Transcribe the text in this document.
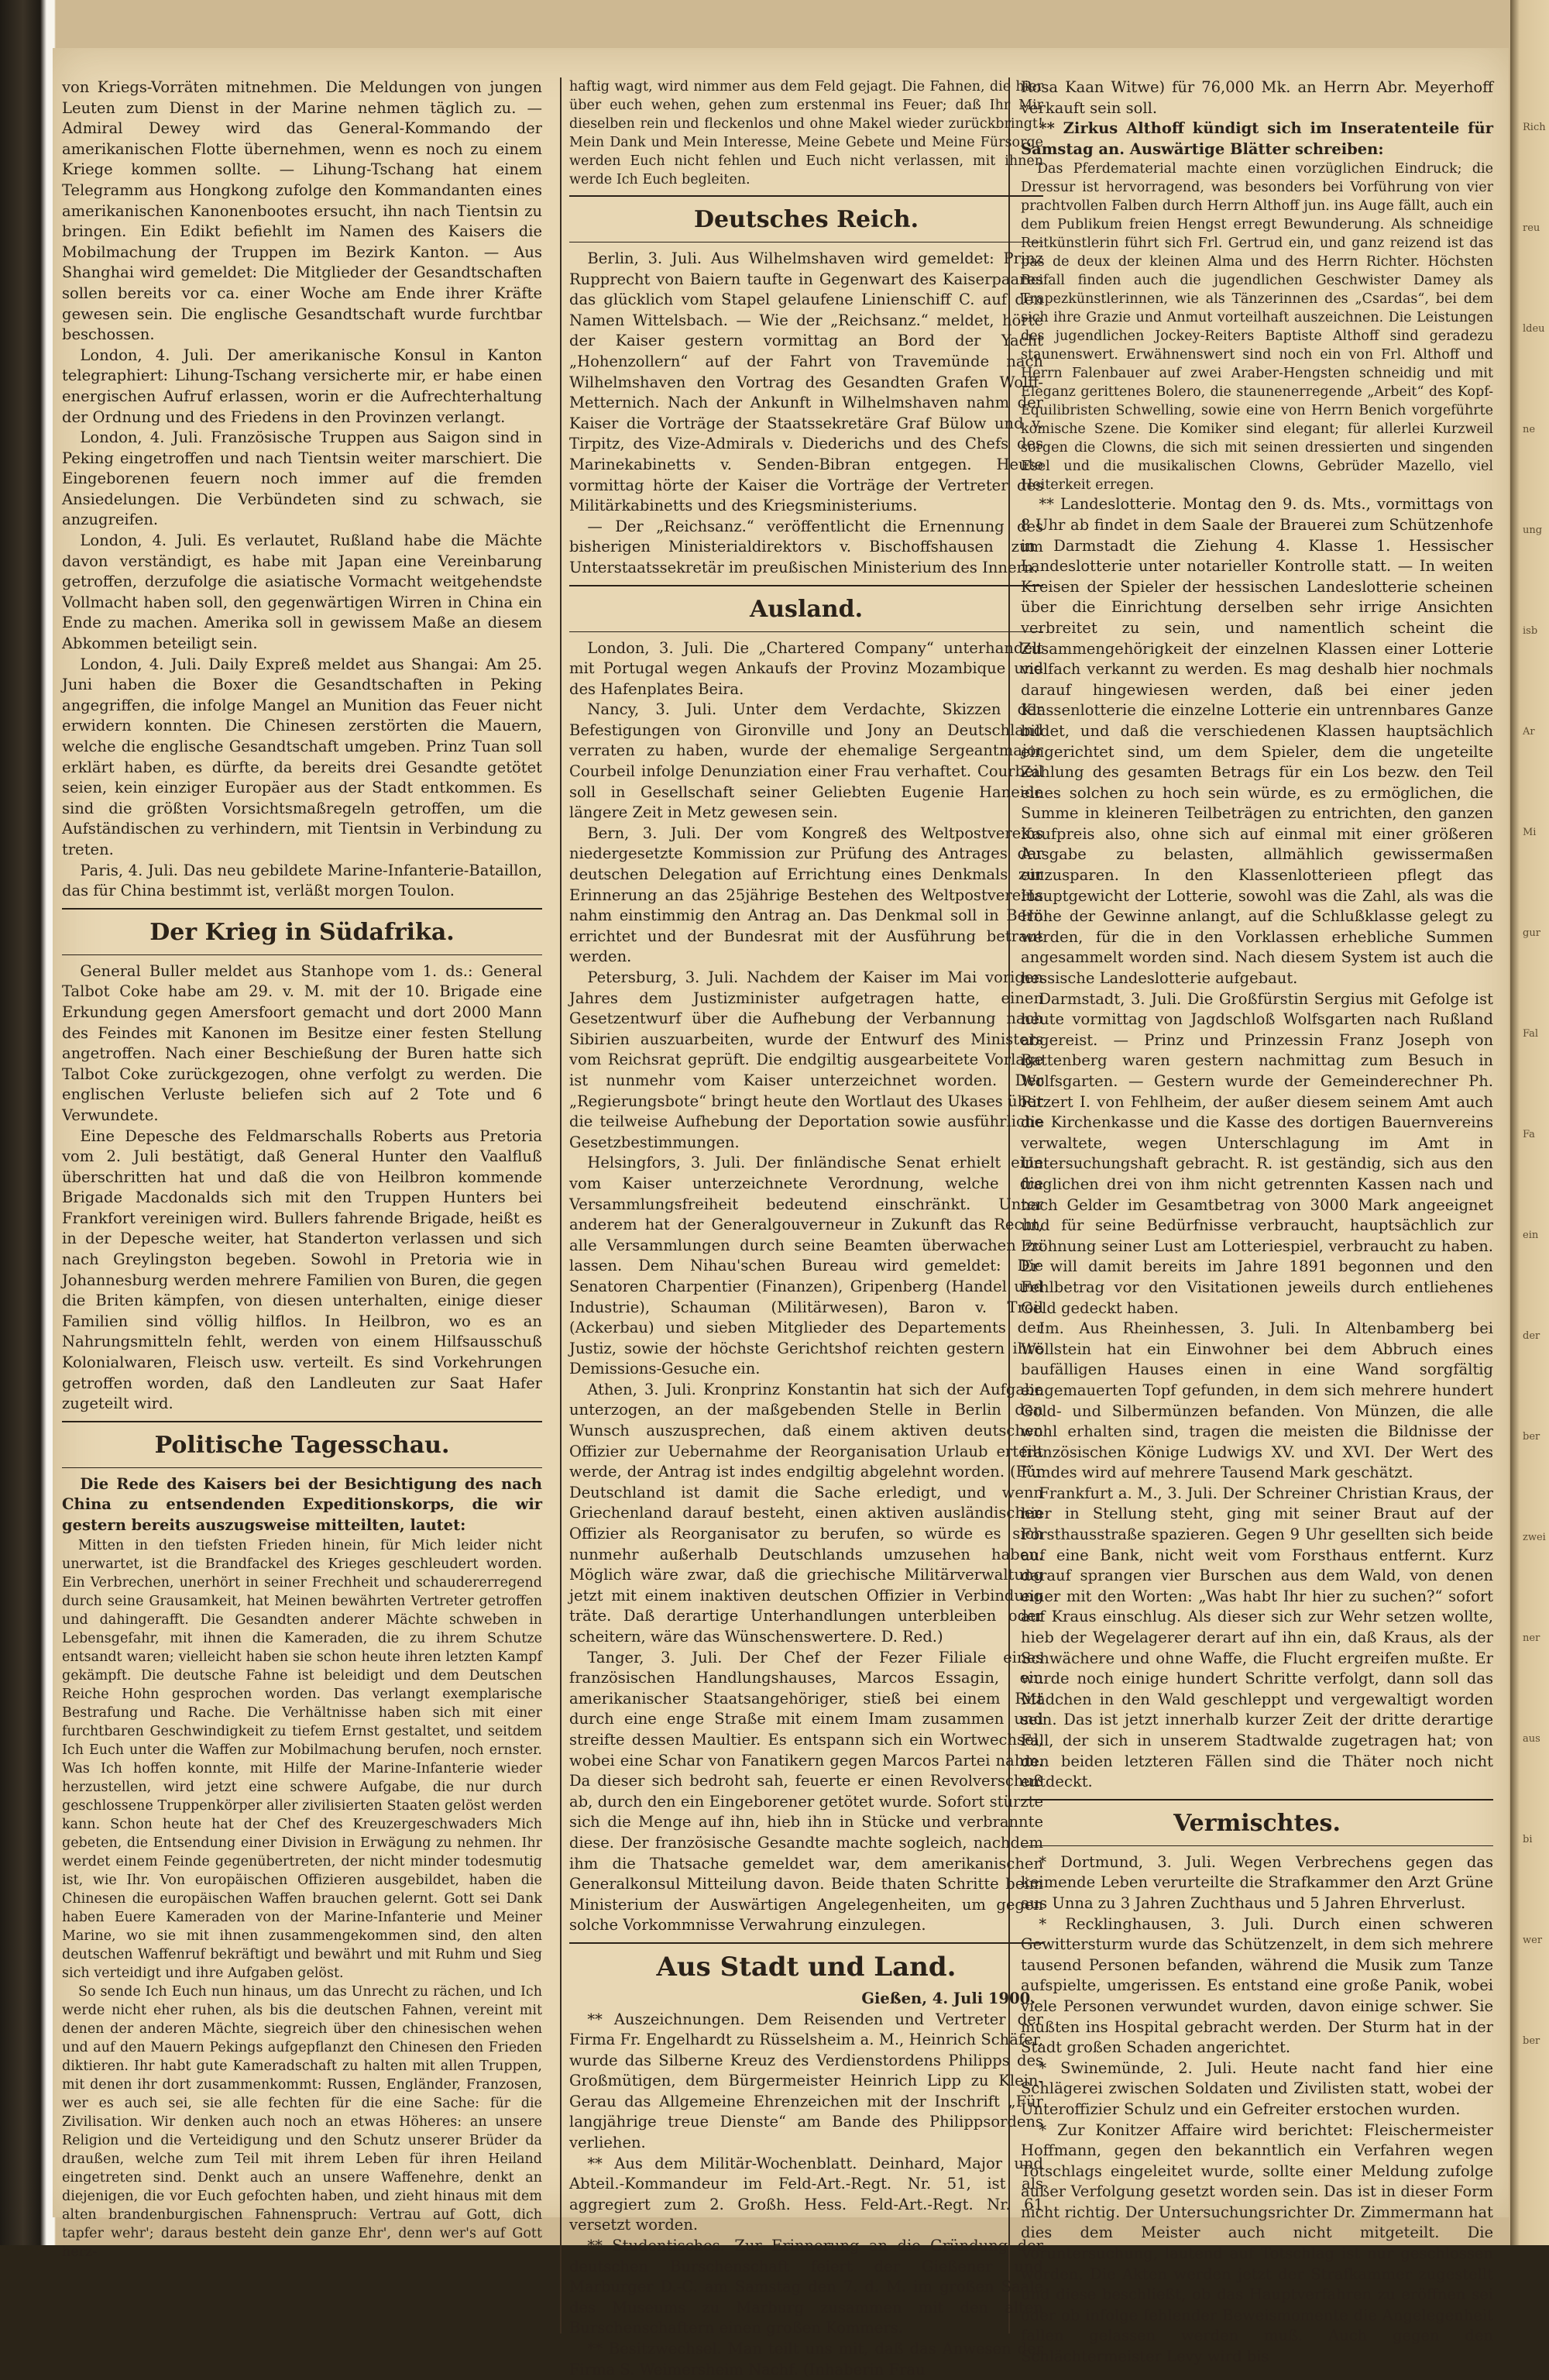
von Kriegs-Vorräten mitnehmen. Die Meldungen von jungen Leuten zum Dienst in der Marine nehmen täglich zu. — Admiral Dewey wird das General-Kommando der amerikanischen Flotte übernehmen, wenn es noch zu einem Kriege kommen sollte. — Lihung-Tschang hat einem Telegramm aus Hongkong zufolge den Kommandanten eines amerikanischen Kanonenbootes ersucht, ihn nach Tientsin zu bringen. Ein Edikt befiehlt im Namen des Kaisers die Mobilmachung der Truppen im Bezirk Kanton. — Aus Shanghai wird gemeldet: Die Mitglieder der Gesandtschaften sollen bereits vor ca. einer Woche am Ende ihrer Kräfte gewesen sein. Die englische Gesandtschaft wurde furchtbar beschossen.

London, 4. Juli. Der amerikanische Konsul in Kanton telegraphiert: Lihung-Tschang versicherte mir, er habe einen energischen Aufruf erlassen, worin er die Aufrechterhaltung der Ordnung und des Friedens in den Provinzen verlangt.

London, 4. Juli. Französische Truppen aus Saigon sind in Peking eingetroffen und nach Tientsin weiter marschiert. Die Eingeborenen feuern noch immer auf die fremden Ansiedelungen. Die Verbündeten sind zu schwach, sie anzugreifen.

London, 4. Juli. Es verlautet, Rußland habe die Mächte davon verständigt, es habe mit Japan eine Vereinbarung getroffen, derzufolge die asiatische Vormacht weitgehendste Vollmacht haben soll, den gegenwärtigen Wirren in China ein Ende zu machen. Amerika soll in gewissem Maße an diesem Abkommen beteiligt sein.

London, 4. Juli. Daily Expreß meldet aus Shangai: Am 25. Juni haben die Boxer die Gesandtschaften in Peking angegriffen, die infolge Mangel an Munition das Feuer nicht erwidern konnten. Die Chinesen zerstörten die Mauern, welche die englische Gesandtschaft umgeben. Prinz Tuan soll erklärt haben, es dürfte, da bereits drei Gesandte getötet seien, kein einziger Europäer aus der Stadt entkommen. Es sind die größten Vorsichtsmaßregeln getroffen, um die Aufständischen zu verhindern, mit Tientsin in Verbindung zu treten.

Paris, 4. Juli. Das neu gebildete Marine-Infanterie-Bataillon, das für China bestimmt ist, verläßt morgen Toulon.

Der Krieg in Südafrika.

General Buller meldet aus Stanhope vom 1. ds.: General Talbot Coke habe am 29. v. M. mit der 10. Brigade eine Erkundung gegen Amersfoort gemacht und dort 2000 Mann des Feindes mit Kanonen im Besitze einer festen Stellung angetroffen. Nach einer Beschießung der Buren hatte sich Talbot Coke zurückgezogen, ohne verfolgt zu werden. Die englischen Verluste beliefen sich auf 2 Tote und 6 Verwundete.

Eine Depesche des Feldmarschalls Roberts aus Pretoria vom 2. Juli bestätigt, daß General Hunter den Vaalfluß überschritten hat und daß die von Heilbron kommende Brigade Macdonalds sich mit den Truppen Hunters bei Frankfort vereinigen wird. Bullers fahrende Brigade, heißt es in der Depesche weiter, hat Standerton verlassen und sich nach Greylingston begeben. Sowohl in Pretoria wie in Johannesburg werden mehrere Familien von Buren, die gegen die Briten kämpfen, von diesen unterhalten, einige dieser Familien sind völlig hilflos. In Heilbron, wo es an Nahrungsmitteln fehlt, werden von einem Hilfsausschuß Kolonialwaren, Fleisch usw. verteilt. Es sind Vorkehrungen getroffen worden, daß den Landleuten zur Saat Hafer zugeteilt wird.

Politische Tagesschau.

Die Rede des Kaisers bei der Besichtigung des nach China zu entsendenden Expeditionskorps, die wir gestern bereits auszugsweise mitteilten, lautet:

Mitten in den tiefsten Frieden hinein, für Mich leider nicht unerwartet, ist die Brandfackel des Krieges geschleudert worden. Ein Verbrechen, unerhört in seiner Frechheit und schaudererregend durch seine Grausamkeit, hat Meinen bewährten Vertreter getroffen und dahingerafft. Die Gesandten anderer Mächte schweben in Lebensgefahr, mit ihnen die Kameraden, die zu ihrem Schutze entsandt waren; vielleicht haben sie schon heute ihren letzten Kampf gekämpft. Die deutsche Fahne ist beleidigt und dem Deutschen Reiche Hohn gesprochen worden. Das verlangt exemplarische Bestrafung und Rache. Die Verhältnisse haben sich mit einer furchtbaren Geschwindigkeit zu tiefem Ernst gestaltet, und seitdem Ich Euch unter die Waffen zur Mobilmachung berufen, noch ernster. Was Ich hoffen konnte, mit Hilfe der Marine-Infanterie wieder herzustellen, wird jetzt eine schwere Aufgabe, die nur durch geschlossene Truppenkörper aller zivilisierten Staaten gelöst werden kann. Schon heute hat der Chef des Kreuzergeschwaders Mich gebeten, die Entsendung einer Division in Erwägung zu nehmen. Ihr werdet einem Feinde gegenübertreten, der nicht minder todesmutig ist, wie Ihr. Von europäischen Offizieren ausgebildet, haben die Chinesen die europäischen Waffen brauchen gelernt. Gott sei Dank haben Euere Kameraden von der Marine-Infanterie und Meiner Marine, wo sie mit ihnen zusammengekommen sind, den alten deutschen Waffenruf bekräftigt und bewährt und mit Ruhm und Sieg sich verteidigt und ihre Aufgaben gelöst.

So sende Ich Euch nun hinaus, um das Unrecht zu rächen, und Ich werde nicht eher ruhen, als bis die deutschen Fahnen, vereint mit denen der anderen Mächte, siegreich über den chinesischen wehen und auf den Mauern Pekings aufgepflanzt den Chinesen den Frieden diktieren. Ihr habt gute Kameradschaft zu halten mit allen Truppen, mit denen ihr dort zusammenkommt: Russen, Engländer, Franzosen, wer es auch sei, sie alle fechten für die eine Sache: für die Zivilisation. Wir denken auch noch an etwas Höheres: an unsere Religion und die Verteidigung und den Schutz unserer Brüder da draußen, welche zum Teil mit ihrem Leben für ihren Heiland eingetreten sind. Denkt auch an unsere Waffenehre, denkt an diejenigen, die vor Euch gefochten haben, und zieht hinaus mit dem alten brandenburgischen Fahnenspruch: Vertrau auf Gott, dich tapfer wehr'; daraus besteht dein ganze Ehr', denn wer's auf Gott herz-

haftig wagt, wird nimmer aus dem Feld gejagt. Die Fahnen, die hier über euch wehen, gehen zum erstenmal ins Feuer; daß Ihr Mir dieselben rein und fleckenlos und ohne Makel wieder zurückbringt! Mein Dank und Mein Interesse, Meine Gebete und Meine Fürsorge werden Euch nicht fehlen und Euch nicht verlassen, mit ihnen werde Ich Euch begleiten.

Deutsches Reich.

Berlin, 3. Juli. Aus Wilhelmshaven wird gemeldet: Prinz Rupprecht von Baiern taufte in Gegenwart des Kaiserpaares das glücklich vom Stapel gelaufene Linienschiff C. auf den Namen Wittelsbach. — Wie der „Reichsanz.“ meldet, hörte der Kaiser gestern vormittag an Bord der Yacht „Hohenzollern“ auf der Fahrt von Travemünde nach Wilhelmshaven den Vortrag des Gesandten Grafen Wolff-Metternich. Nach der Ankunft in Wilhelmshaven nahm der Kaiser die Vorträge der Staatssekretäre Graf Bülow und v. Tirpitz, des Vize-Admirals v. Diederichs und des Chefs des Marinekabinetts v. Senden-Bibran entgegen. Heute vormittag hörte der Kaiser die Vorträge der Vertreter des Militärkabinetts und des Kriegsministeriums.

— Der „Reichsanz.“ veröffentlicht die Ernennung des bisherigen Ministerialdirektors v. Bischoffshausen zum Unterstaatssekretär im preußischen Ministerium des Innern.

Ausland.

London, 3. Juli. Die „Chartered Company“ unterhandelt mit Portugal wegen Ankaufs der Provinz Mozambique und des Hafenplates Beira.

Nancy, 3. Juli. Unter dem Verdachte, Skizzen der Befestigungen von Gironville und Jony an Deutschland verraten zu haben, wurde der ehemalige Sergeantmajor Courbeil infolge Denunziation einer Frau verhaftet. Courbeil soll in Gesellschaft seiner Geliebten Eugenie Haneide längere Zeit in Metz gewesen sein.

Bern, 3. Juli. Der vom Kongreß des Weltpostvereins niedergesetzte Kommission zur Prüfung des Antrages der deutschen Delegation auf Errichtung eines Denkmals zur Erinnerung an das 25jährige Bestehen des Weltpostvereins nahm einstimmig den Antrag an. Das Denkmal soll in Bern errichtet und der Bundesrat mit der Ausführung betraut werden.

Petersburg, 3. Juli. Nachdem der Kaiser im Mai vorigen Jahres dem Justizminister aufgetragen hatte, einen Gesetzentwurf über die Aufhebung der Verbannung nach Sibirien auszuarbeiten, wurde der Entwurf des Ministers vom Reichsrat geprüft. Die endgiltig ausgearbeitete Vorlage ist nunmehr vom Kaiser unterzeichnet worden. Der „Regierungsbote“ bringt heute den Wortlaut des Ukases über die teilweise Aufhebung der Deportation sowie ausführliche Gesetzbestimmungen.

Helsingfors, 3. Juli. Der finländische Senat erhielt eine vom Kaiser unterzeichnete Verordnung, welche die Versammlungsfreiheit bedeutend einschränkt. Unter anderem hat der Generalgouverneur in Zukunft das Recht, alle Versammlungen durch seine Beamten überwachen zu lassen. Dem Nihau'schen Bureau wird gemeldet: Die Senatoren Charpentier (Finanzen), Gripenberg (Handel und Industrie), Schauman (Militärwesen), Baron v. Troil (Ackerbau) und sieben Mitglieder des Departements der Justiz, sowie der höchste Gerichtshof reichten gestern ihre Demissions-Gesuche ein.

Athen, 3. Juli. Kronprinz Konstantin hat sich der Aufgabe unterzogen, an der maßgebenden Stelle in Berlin den Wunsch auszusprechen, daß einem aktiven deutschen Offizier zur Uebernahme der Reorganisation Urlaub erteilt werde, der Antrag ist indes endgiltig abgelehnt worden. (Für Deutschland ist damit die Sache erledigt, und wenn Griechenland darauf besteht, einen aktiven ausländischen Offizier als Reorganisator zu berufen, so würde es sich nunmehr außerhalb Deutschlands umzusehen haben. Möglich wäre zwar, daß die griechische Militärverwaltung jetzt mit einem inaktiven deutschen Offizier in Verbindung träte. Daß derartige Unterhandlungen unterbleiben oder scheitern, wäre das Wünschenswertere. D. Red.)

Tanger, 3. Juli. Der Chef der Fezer Filiale eines französischen Handlungshauses, Marcos Essagin, ein amerikanischer Staatsangehöriger, stieß bei einem Ritt durch eine enge Straße mit einem Imam zusammen und streifte dessen Maultier. Es entspann sich ein Wortwechsel, wobei eine Schar von Fanatikern gegen Marcos Partei nahm. Da dieser sich bedroht sah, feuerte er einen Revolverschuß ab, durch den ein Eingeborener getötet wurde. Sofort stürzte sich die Menge auf ihn, hieb ihn in Stücke und verbrannte diese. Der französische Gesandte machte sogleich, nachdem ihm die Thatsache gemeldet war, dem amerikanischen Generalkonsul Mitteilung davon. Beide thaten Schritte beim Ministerium der Auswärtigen Angelegenheiten, um gegen solche Vorkommnisse Verwahrung einzulegen.

Aus Stadt und Land.
Gießen, 4. Juli 1900.

** Auszeichnungen. Dem Reisenden und Vertreter der Firma Fr. Engelhardt zu Rüsselsheim a. M., Heinrich Schäfer, wurde das Silberne Kreuz des Verdienstordens Philipps des Großmütigen, dem Bürgermeister Heinrich Lipp zu Klein-Gerau das Allgemeine Ehrenzeichen mit der Inschrift „Für langjährige treue Dienste“ am Bande des Philippsordens verliehen.

** Aus dem Militär-Wochenblatt. Deinhard, Major und Abteil.-Kommandeur im Feld-Art.-Regt. Nr. 51, ist als aggregiert zum 2. Großh. Hess. Feld-Art.-Regt. Nr. 61 versetzt worden.

** Studentisches. Zur Erinnerung an die Gründung der deutschen Burschenschaft feiert der Gießener und Marburger D.-C. am Samstag den 7. d. M. im großen Saale des Museums zu Marburg zusammen mit den alten Burschenschaftern einen großen Kommers.

** Besitzwechsel. Man teilt uns mit, daß das Anwesen der Firma S. Weimersheim Nachf. (Inhaberin Frau

Rosa Kaan Witwe) für 76,000 Mk. an Herrn Abr. Meyerhoff verkauft sein soll.

** Zirkus Althoff kündigt sich im Inseratenteile für Samstag an. Auswärtige Blätter schreiben:

Das Pferdematerial machte einen vorzüglichen Eindruck; die Dressur ist hervorragend, was besonders bei Vorführung von vier prachtvollen Falben durch Herrn Althoff jun. ins Auge fällt, auch ein dem Publikum freien Hengst erregt Bewunderung. Als schneidige Reitkünstlerin führt sich Frl. Gertrud ein, und ganz reizend ist das pas de deux der kleinen Alma und des Herrn Richter. Höchsten Beifall finden auch die jugendlichen Geschwister Damey als Trapezkünstlerinnen, wie als Tänzerinnen des „Csardas“, bei dem sich ihre Grazie und Anmut vorteilhaft auszeichnen. Die Leistungen des jugendlichen Jockey-Reiters Baptiste Althoff sind geradezu staunenswert. Erwähnenswert sind noch ein von Frl. Althoff und Herrn Falenbauer auf zwei Araber-Hengsten schneidig und mit Eleganz gerittenes Bolero, die staunenerregende „Arbeit“ des Kopf-Equilibristen Schwelling, sowie eine von Herrn Benich vorgeführte komische Szene. Die Komiker sind elegant; für allerlei Kurzweil sorgen die Clowns, die sich mit seinen dressierten und singenden Esel und die musikalischen Clowns, Gebrüder Mazello, viel Heiterkeit erregen.

** Landeslotterie. Montag den 9. ds. Mts., vormittags von 8 Uhr ab findet in dem Saale der Brauerei zum Schützenhofe in Darmstadt die Ziehung 4. Klasse 1. Hessischer Landeslotterie unter notarieller Kontrolle statt. — In weiten Kreisen der Spieler der hessischen Landeslotterie scheinen über die Einrichtung derselben sehr irrige Ansichten verbreitet zu sein, und namentlich scheint die Zusammengehörigkeit der einzelnen Klassen einer Lotterie vielfach verkannt zu werden. Es mag deshalb hier nochmals darauf hingewiesen werden, daß bei einer jeden Klassenlotterie die einzelne Lotterie ein untrennbares Ganze bildet, und daß die verschiedenen Klassen hauptsächlich eingerichtet sind, um dem Spieler, dem die ungeteilte Zahlung des gesamten Betrags für ein Los bezw. den Teil eines solchen zu hoch sein würde, es zu ermöglichen, die Summe in kleineren Teilbeträgen zu entrichten, den ganzen Kaufpreis also, ohne sich auf einmal mit einer größeren Ausgabe zu belasten, allmählich gewissermaßen einzusparen. In den Klassenlotterieen pflegt das Hauptgewicht der Lotterie, sowohl was die Zahl, als was die Höhe der Gewinne anlangt, auf die Schlußklasse gelegt zu werden, für die in den Vorklassen erhebliche Summen angesammelt worden sind. Nach diesem System ist auch die hessische Landeslotterie aufgebaut.

Darmstadt, 3. Juli. Die Großfürstin Sergius mit Gefolge ist heute vormittag von Jagdschloß Wolfsgarten nach Rußland abgereist. — Prinz und Prinzessin Franz Joseph von Battenberg waren gestern nachmittag zum Besuch in Wolfsgarten. — Gestern wurde der Gemeinderechner Ph. Ritzert I. von Fehlheim, der außer diesem seinem Amt auch die Kirchenkasse und die Kasse des dortigen Bauernvereins verwaltete, wegen Unterschlagung im Amt in Untersuchungshaft gebracht. R. ist geständig, sich aus den fraglichen drei von ihm nicht getrennten Kassen nach und nach Gelder im Gesamtbetrag von 3000 Mark angeeignet und für seine Bedürfnisse verbraucht, hauptsächlich zur Fröhnung seiner Lust am Lotteriespiel, verbraucht zu haben. Er will damit bereits im Jahre 1891 begonnen und den Fehlbetrag vor den Visitationen jeweils durch entliehenes Geld gedeckt haben.

Im. Aus Rheinhessen, 3. Juli. In Altenbamberg bei Wöllstein hat ein Einwohner bei dem Abbruch eines baufälligen Hauses einen in eine Wand sorgfältig eingemauerten Topf gefunden, in dem sich mehrere hundert Gold- und Silbermünzen befanden. Von Münzen, die alle wohl erhalten sind, tragen die meisten die Bildnisse der französischen Könige Ludwigs XV. und XVI. Der Wert des Fundes wird auf mehrere Tausend Mark geschätzt.

Frankfurt a. M., 3. Juli. Der Schreiner Christian Kraus, der hier in Stellung steht, ging mit seiner Braut auf der Forsthausstraße spazieren. Gegen 9 Uhr gesellten sich beide auf eine Bank, nicht weit vom Forsthaus entfernt. Kurz darauf sprangen vier Burschen aus dem Wald, von denen einer mit den Worten: „Was habt Ihr hier zu suchen?“ sofort auf Kraus einschlug. Als dieser sich zur Wehr setzen wollte, hieb der Wegelagerer derart auf ihn ein, daß Kraus, als der Schwächere und ohne Waffe, die Flucht ergreifen mußte. Er wurde noch einige hundert Schritte verfolgt, dann soll das Mädchen in den Wald geschleppt und vergewaltigt worden sein. Das ist jetzt innerhalb kurzer Zeit der dritte derartige Fall, der sich in unserem Stadtwalde zugetragen hat; von den beiden letzteren Fällen sind die Thäter noch nicht entdeckt.

Vermischtes.

* Dortmund, 3. Juli. Wegen Verbrechens gegen das keimende Leben verurteilte die Strafkammer den Arzt Grüne aus Unna zu 3 Jahren Zuchthaus und 5 Jahren Ehrverlust.

* Recklinghausen, 3. Juli. Durch einen schweren Gewittersturm wurde das Schützenzelt, in dem sich mehrere tausend Personen befanden, während die Musik zum Tanze aufspielte, umgerissen. Es entstand eine große Panik, wobei viele Personen verwundet wurden, davon einige schwer. Sie mußten ins Hospital gebracht werden. Der Sturm hat in der Stadt großen Schaden angerichtet.

* Swinemünde, 2. Juli. Heute nacht fand hier eine Schlägerei zwischen Soldaten und Zivilisten statt, wobei der Unteroffizier Schulz und ein Gefreiter erstochen wurden.

* Zur Konitzer Affaire wird berichtet: Fleischermeister Hoffmann, gegen den bekanntlich ein Verfahren wegen Totschlags eingeleitet wurde, sollte einer Meldung zufolge außer Verfolgung gesetzt worden sein. Das ist in dieser Form nicht richtig. Der Untersuchungsrichter Dr. Zimmermann hat dies dem Meister auch nicht mitgeteilt. Die Voruntersuchung, lautend auf Totschlag ist nur geschlossen worden. Die Akten werden jetzt der Strafkammer zugestellt und diese beschließt, ob das Hauptverfahren zu eröffnen sei oder ob infolge fehlender Beweismomente die Angelegenheit fallen gelassen werden muß. Auch gegen den Schlächtermeister Levy wird bis

Rich
reu
ldeu
ne
ung
isb
Ar
Mi
gur
Fal
Fa
ein
der
ber
zwei
ner
aus
bi
wer
ber
